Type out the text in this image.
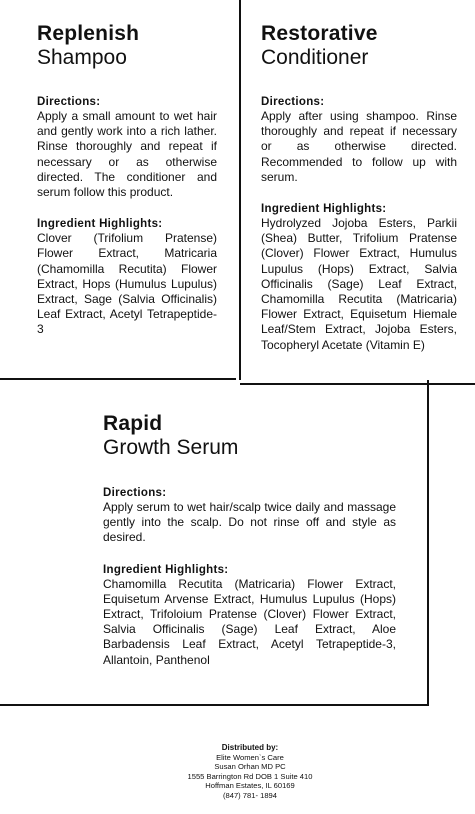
Replenish
Shampoo
Directions:
Apply a small amount to wet hair and gently work into a rich lather. Rinse thoroughly and repeat if necessary or as otherwise directed. The conditioner and serum follow this product.
Ingredient Highlights:
Clover (Trifolium Pratense) Flower Extract, Matricaria (Chamomilla Recutita) Flower Extract, Hops (Humulus Lupulus) Extract, Sage (Salvia Officinalis) Leaf Extract, Acetyl Tetrapeptide-3
Restorative
Conditioner
Directions:
Apply after using shampoo. Rinse thoroughly and repeat if necessary or as otherwise directed. Recommended to follow up with serum.
Ingredient Highlights:
Hydrolyzed Jojoba Esters, Parkii (Shea) Butter, Trifolium Pratense (Clover) Flower Extract, Humulus Lupulus (Hops) Extract, Salvia Officinalis (Sage) Leaf Extract, Chamomilla Recutita (Matricaria) Flower Extract, Equisetum Hiemale Leaf/Stem Extract, Jojoba Esters, Tocopheryl Acetate (Vitamin E)
Rapid
Growth Serum
Directions:
Apply serum to wet hair/scalp twice daily and massage gently into the scalp. Do not rinse off and style as desired.
Ingredient Highlights:
Chamomilla Recutita (Matricaria) Flower Extract, Equisetum Arvense Extract, Humulus Lupulus (Hops) Extract, Trifoloium Pratense (Clover) Flower Extract, Salvia Officinalis (Sage) Leaf Extract, Aloe Barbadensis Leaf Extract, Acetyl Tetrapeptide-3, Allantoin, Panthenol
Distributed by:
Elite Women`s Care
Susan Orhan MD PC
1555 Barrington Rd DOB 1 Suite 410
Hoffman Estates, IL 60169
(847) 781- 1894
